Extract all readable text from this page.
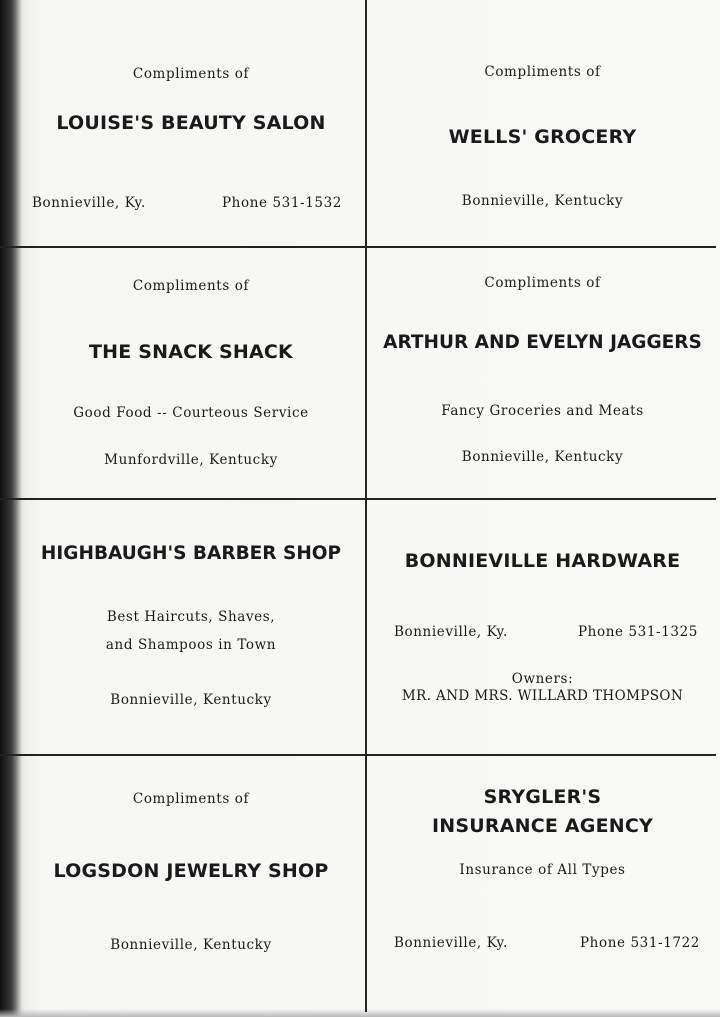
Compliments of
LOUISE'S BEAUTY SALON
Bonnieville, Ky.	Phone 531-1532
Compliments of
WELLS' GROCERY
Bonnieville, Kentucky
Compliments of
THE SNACK SHACK
Good Food -- Courteous Service
Munfordville, Kentucky
Compliments of
ARTHUR AND EVELYN JAGGERS
Fancy Groceries and Meats
Bonnieville, Kentucky
HIGHBAUGH'S BARBER SHOP
Best Haircuts, Shaves,
and Shampoos in Town
Bonnieville, Kentucky
BONNIEVILLE HARDWARE
Bonnieville, Ky.	Phone 531-1325
Owners:
MR. AND MRS. WILLARD THOMPSON
Compliments of
LOGSDON JEWELRY SHOP
Bonnieville, Kentucky
SRYGLER'S
INSURANCE AGENCY
Insurance of All Types
Bonnieville, Ky.	Phone 531-1722
